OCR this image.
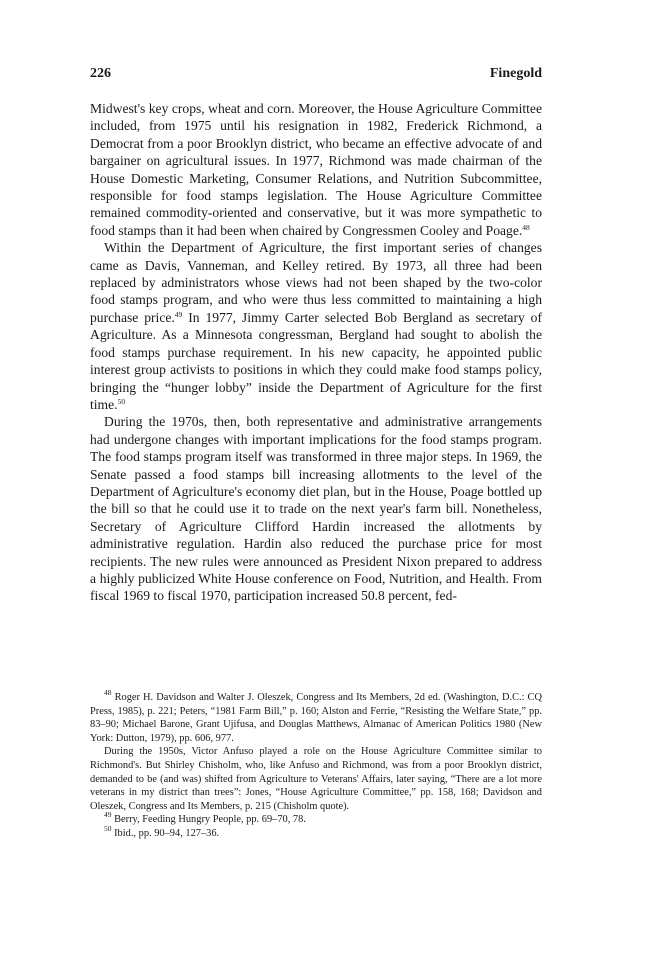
226	Finegold

Midwest's key crops, wheat and corn. Moreover, the House Agriculture Committee included, from 1975 until his resignation in 1982, Frederick Richmond, a Democrat from a poor Brooklyn district, who became an effective advocate of and bargainer on agricultural issues. In 1977, Richmond was made chairman of the House Domestic Marketing, Consumer Relations, and Nutrition Subcommittee, responsible for food stamps legislation. The House Agriculture Committee remained commodity-oriented and conservative, but it was more sympathetic to food stamps than it had been when chaired by Congressmen Cooley and Poage.$^{48}$

Within the Department of Agriculture, the first important series of changes came as Davis, Vanneman, and Kelley retired. By 1973, all three had been replaced by administrators whose views had not been shaped by the two-color food stamps program, and who were thus less committed to maintaining a high purchase price.$^{49}$ In 1977, Jimmy Carter selected Bob Bergland as secretary of Agriculture. As a Minnesota congressman, Bergland had sought to abolish the food stamps purchase requirement. In his new capacity, he appointed public interest group activists to positions in which they could make food stamps policy, bringing the “hunger lobby” inside the Department of Agriculture for the first time.$^{50}$

During the 1970s, then, both representative and administrative arrangements had undergone changes with important implications for the food stamps program. The food stamps program itself was transformed in three major steps. In 1969, the Senate passed a food stamps bill increasing allotments to the level of the Department of Agriculture's economy diet plan, but in the House, Poage bottled up the bill so that he could use it to trade on the next year's farm bill. Nonetheless, Secretary of Agriculture Clifford Hardin increased the allotments by administrative regulation. Hardin also reduced the purchase price for most recipients. The new rules were announced as President Nixon prepared to address a highly publicized White House conference on Food, Nutrition, and Health. From fiscal 1969 to fiscal 1970, participation increased 50.8 percent, fed-

$^{48}$ Roger H. Davidson and Walter J. Oleszek, Congress and Its Members, 2d ed. (Washington, D.C.: CQ Press, 1985), p. 221; Peters, “1981 Farm Bill,” p. 160; Alston and Ferrie, “Resisting the Welfare State,” pp. 83–90; Michael Barone, Grant Ujifusa, and Douglas Matthews, Almanac of American Politics 1980 (New York: Dutton, 1979), pp. 606, 977.

During the 1950s, Victor Anfuso played a role on the House Agriculture Committee similar to Richmond's. But Shirley Chisholm, who, like Anfuso and Richmond, was from a poor Brooklyn district, demanded to be (and was) shifted from Agriculture to Veterans' Affairs, later saying, “There are a lot more veterans in my district than trees”: Jones, “House Agriculture Committee,” pp. 158, 168; Davidson and Oleszek, Congress and Its Members, p. 215 (Chisholm quote).

$^{49}$ Berry, Feeding Hungry People, pp. 69–70, 78.

$^{50}$ Ibid., pp. 90–94, 127–36.
